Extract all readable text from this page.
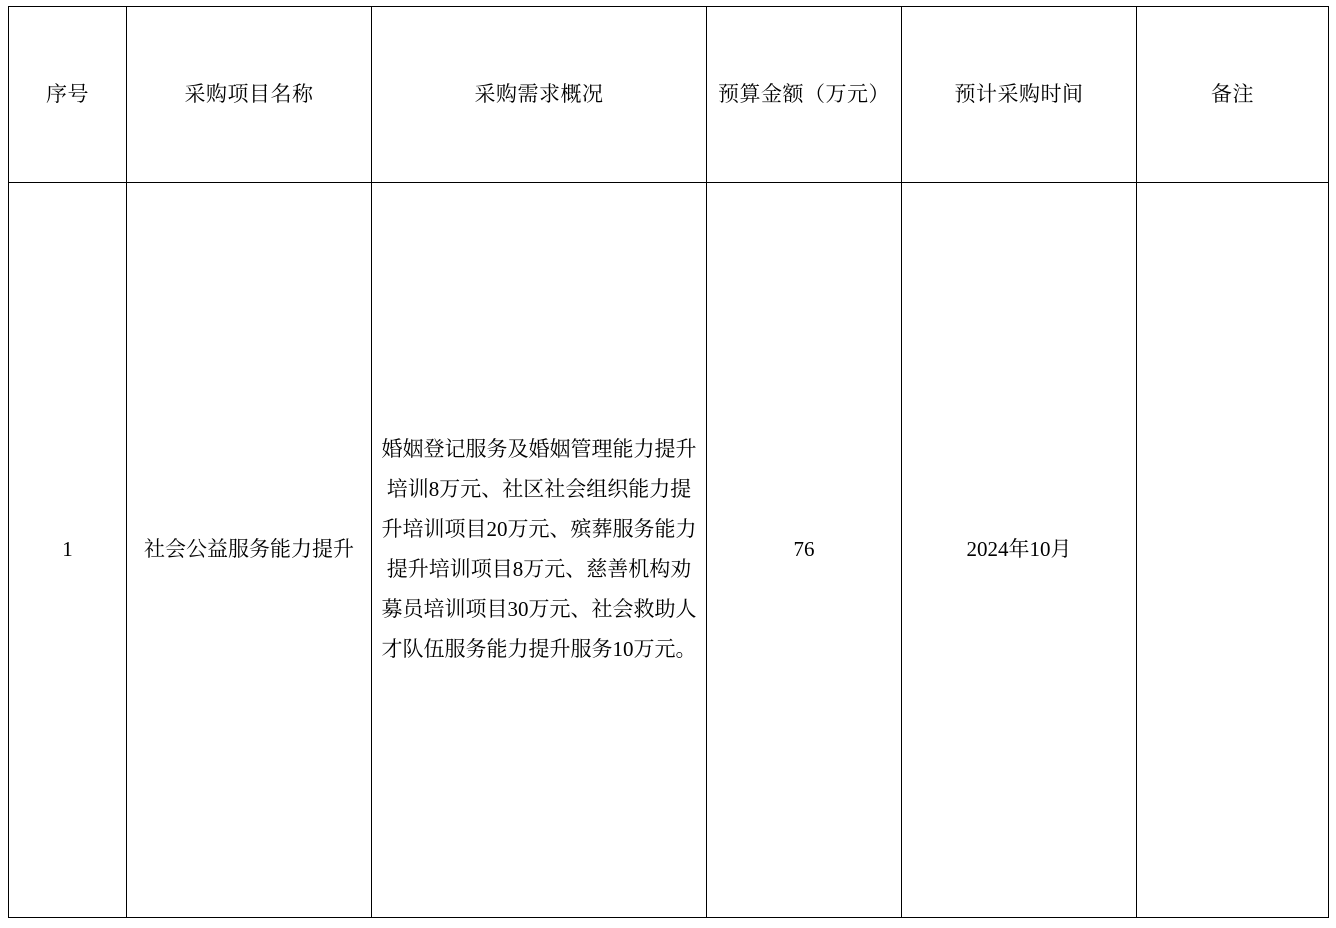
序号	采购项目名称	采购需求概况	预算金额（万元）	预计采购时间	备注
1	社会公益服务能力提升	婚姻登记服务及婚姻管理能力提升培训8万元、社区社会组织能力提升培训项目20万元、殡葬服务能力提升培训项目8万元、慈善机构劝募员培训项目30万元、社会救助人才队伍服务能力提升服务10万元。	76	2024年10月	
